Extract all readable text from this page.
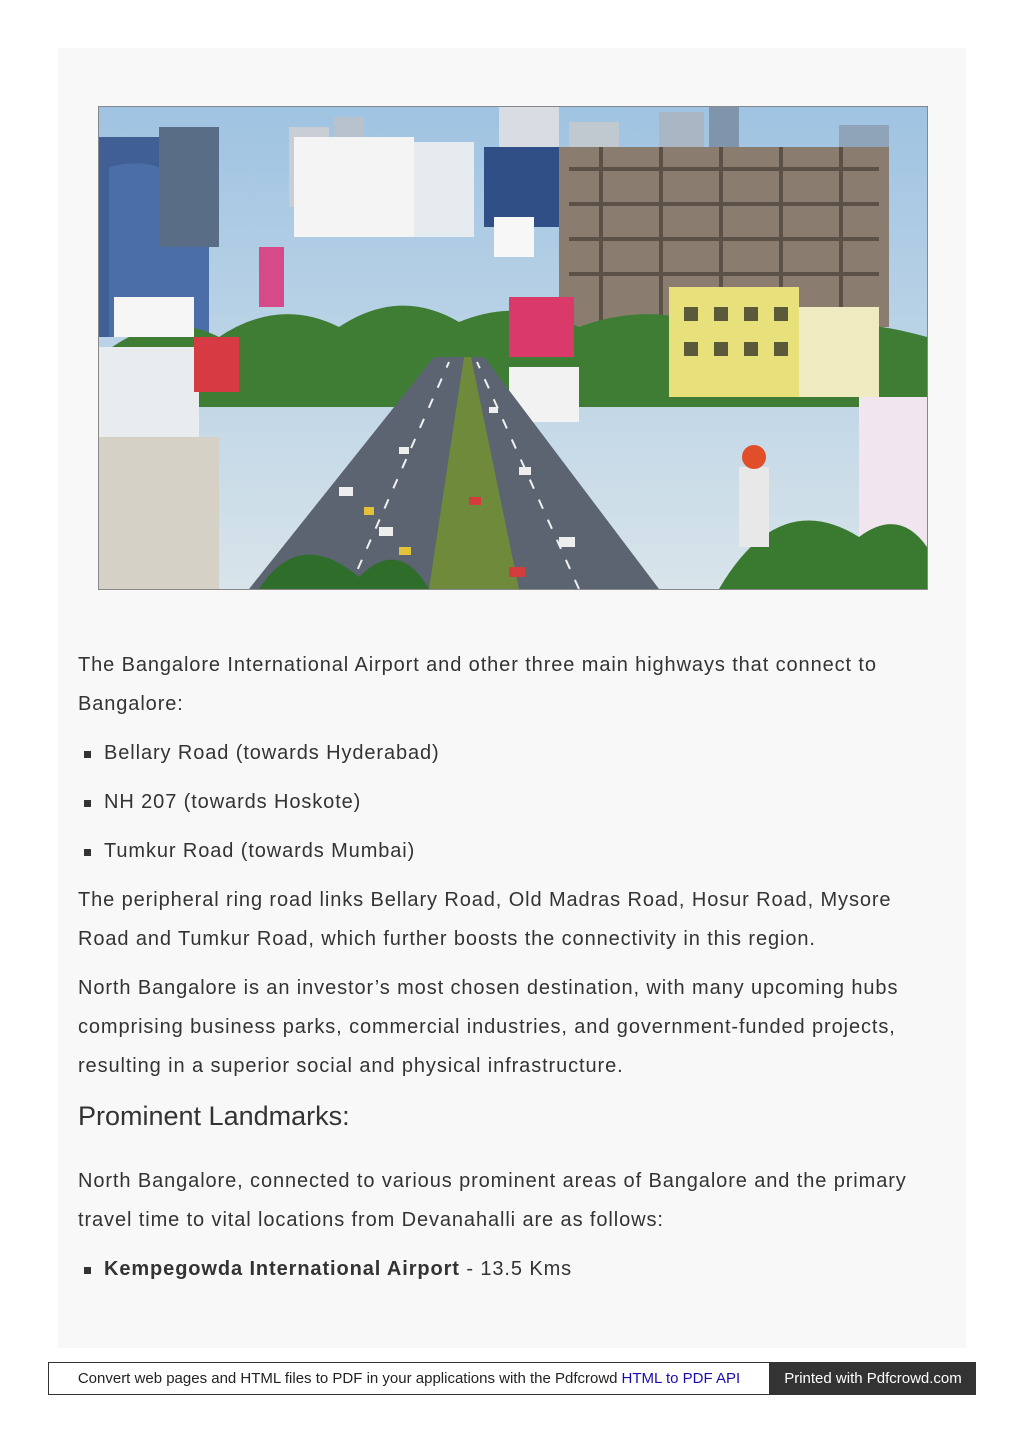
The Bangalore International Airport and other three main highways that connect to Bangalore:

Bellary Road (towards Hyderabad)
NH 207 (towards Hoskote)
Tumkur Road (towards Mumbai)

The peripheral ring road links Bellary Road, Old Madras Road, Hosur Road, Mysore Road and Tumkur Road, which further boosts the connectivity in this region.

North Bangalore is an investor’s most chosen destination, with many upcoming hubs comprising business parks, commercial industries, and government-funded projects, resulting in a superior social and physical infrastructure.

Prominent Landmarks:

North Bangalore, connected to various prominent areas of Bangalore and the primary travel time to vital locations from Devanahalli are as follows:

Kempegowda International Airport - 13.5 Kms
Convert web pages and HTML files to PDF in your applications with the Pdfcrowd HTML to PDF API	Printed with Pdfcrowd.com
